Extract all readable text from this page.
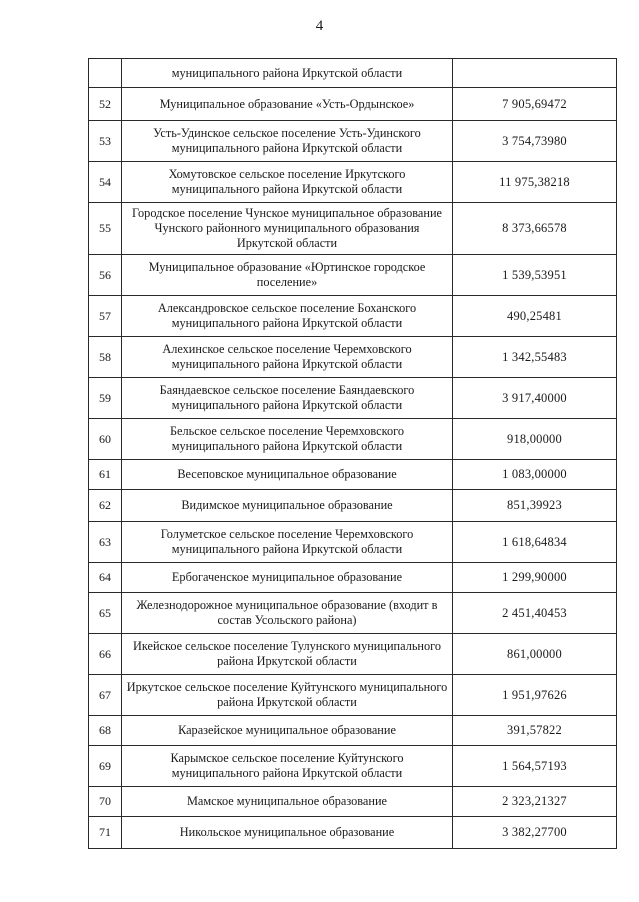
4
	муниципального района Иркутской области	
52	Муниципальное образование «Усть-Ордынское»	7 905,69472
53	Усть-Удинское сельское поселение Усть-Удинского муниципального района Иркутской области	3 754,73980
54	Хомутовское сельское поселение Иркутского муниципального района Иркутской области	11 975,38218
55	Городское поселение Чунское муниципальное образование Чунского районного муниципального образования Иркутской области	8 373,66578
56	Муниципальное образование «Юртинское городское поселение»	1 539,53951
57	Александровское сельское поселение Боханского муниципального района Иркутской области	490,25481
58	Алехинское сельское поселение Черемховского муниципального района Иркутской области	1 342,55483
59	Баяндаевское сельское поселение Баяндаевского муниципального района Иркутской области	3 917,40000
60	Бельское сельское поселение Черемховского муниципального района Иркутской области	918,00000
61	Весеповское муниципальное образование	1 083,00000
62	Видимское муниципальное образование	851,39923
63	Голуметское сельское поселение Черемховского муниципального района Иркутской области	1 618,64834
64	Ербогаченское муниципальное образование	1 299,90000
65	Железнодорожное муниципальное образование (входит в состав Усольского района)	2 451,40453
66	Икейское сельское поселение Тулунского муниципального района Иркутской области	861,00000
67	Иркутское сельское поселение Куйтунского муниципального района Иркутской области	1 951,97626
68	Каразейское муниципальное образование	391,57822
69	Карымское сельское поселение Куйтунского муниципального района Иркутской области	1 564,57193
70	Мамское муниципальное образование	2 323,21327
71	Никольское муниципальное образование	3 382,27700
